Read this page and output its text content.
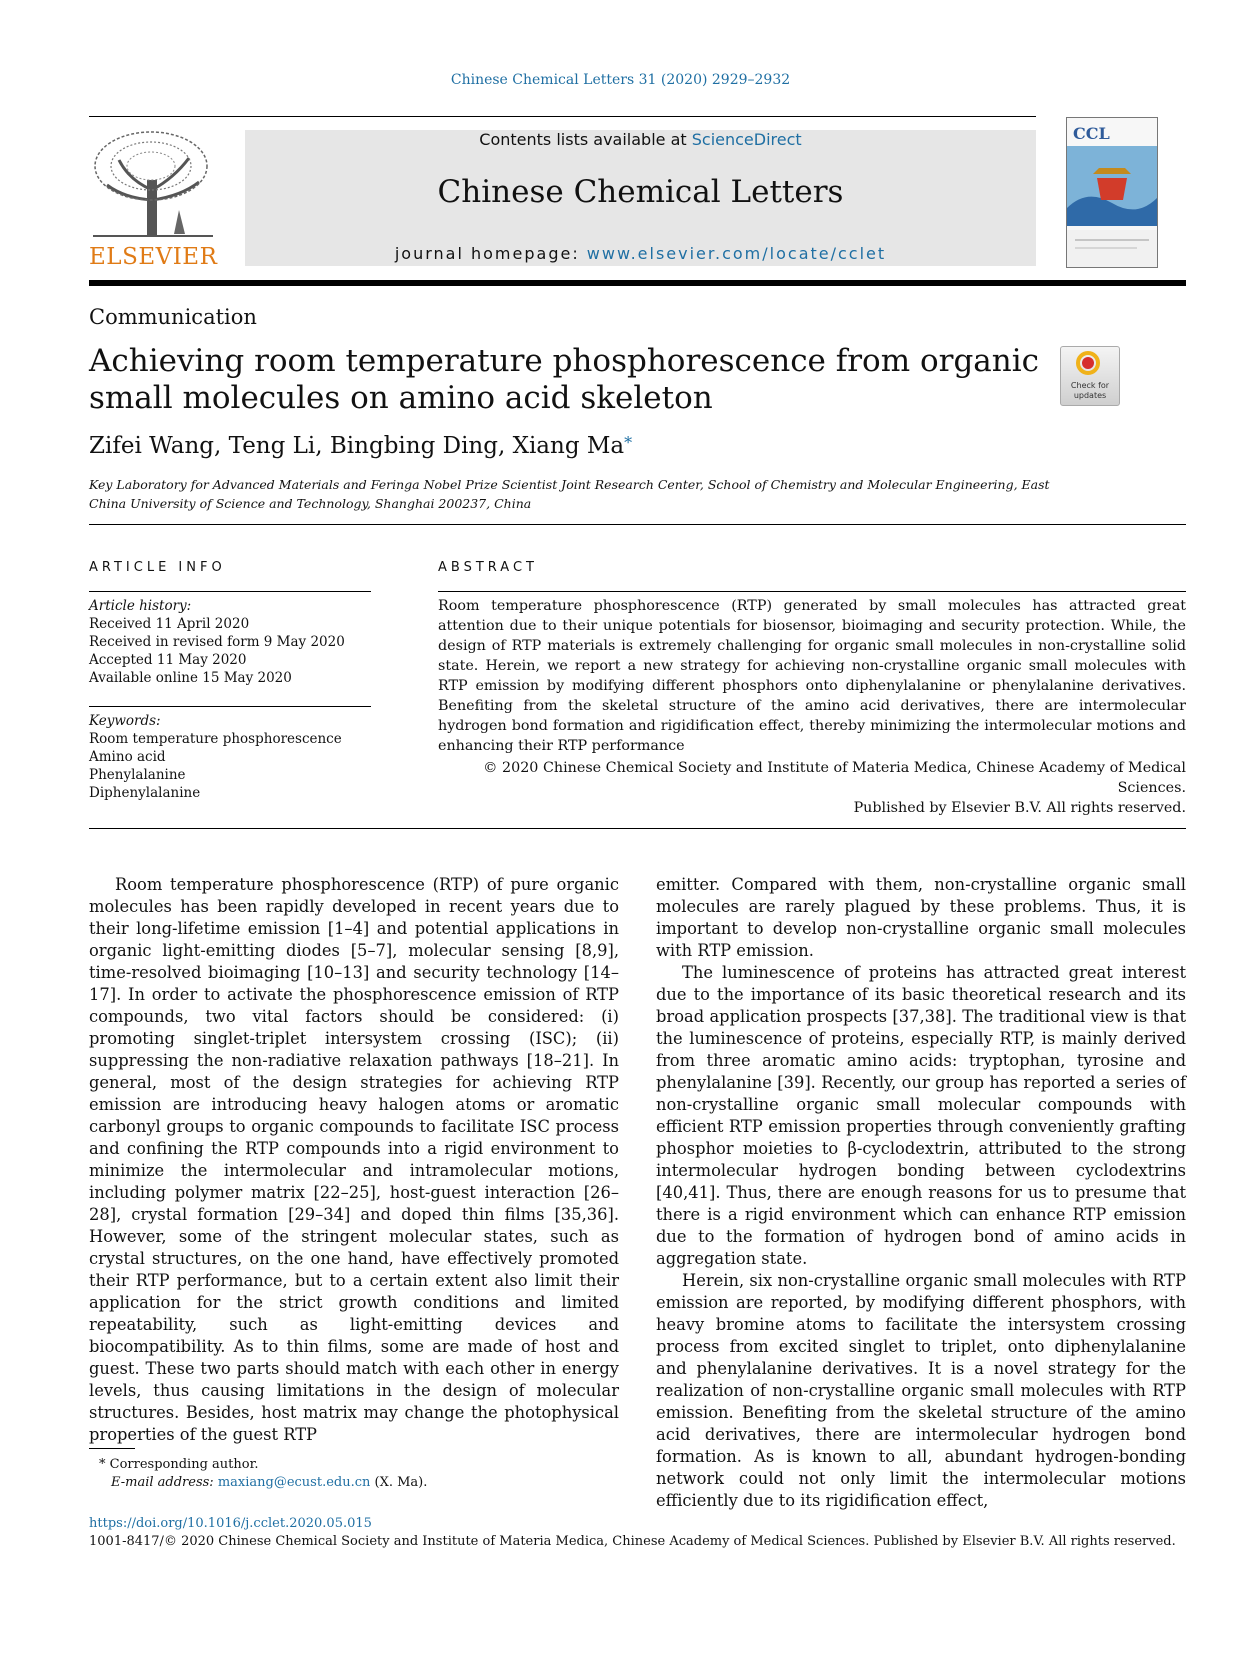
Chinese Chemical Letters 31 (2020) 2929–2932
ELSEVIER
Contents lists available at ScienceDirect
Chinese Chemical Letters
journal homepage: www.elsevier.com/locate/cclet
CCL
Communication
Achieving room temperature phosphorescence from organic small molecules on amino acid skeleton	Check for updates
Zifei Wang, Teng Li, Bingbing Ding, Xiang Ma*
Key Laboratory for Advanced Materials and Feringa Nobel Prize Scientist Joint Research Center, School of Chemistry and Molecular Engineering, East China University of Science and Technology, Shanghai 200237, China
ARTICLE INFO	ABSTRACT
Article history:
Received 11 April 2020
Received in revised form 9 May 2020
Accepted 11 May 2020
Available online 15 May 2020
Keywords:
Room temperature phosphorescence
Amino acid
Phenylalanine
Diphenylalanine
Room temperature phosphorescence (RTP) generated by small molecules has attracted great attention due to their unique potentials for biosensor, bioimaging and security protection. While, the design of RTP materials is extremely challenging for organic small molecules in non-crystalline solid state. Herein, we report a new strategy for achieving non-crystalline organic small molecules with RTP emission by modifying different phosphors onto diphenylalanine or phenylalanine derivatives. Benefiting from the skeletal structure of the amino acid derivatives, there are intermolecular hydrogen bond formation and rigidification effect, thereby minimizing the intermolecular motions and enhancing their RTP performance
© 2020 Chinese Chemical Society and Institute of Materia Medica, Chinese Academy of Medical Sciences.
Published by Elsevier B.V. All rights reserved.

Room temperature phosphorescence (RTP) of pure organic molecules has been rapidly developed in recent years due to their long-lifetime emission [1–4] and potential applications in organic light-emitting diodes [5–7], molecular sensing [8,9], time-resolved bioimaging [10–13] and security technology [14–17]. In order to activate the phosphorescence emission of RTP compounds, two vital factors should be considered: (i) promoting singlet-triplet intersystem crossing (ISC); (ii) suppressing the non-radiative relaxation pathways [18–21]. In general, most of the design strategies for achieving RTP emission are introducing heavy halogen atoms or aromatic carbonyl groups to organic compounds to facilitate ISC process and confining the RTP compounds into a rigid environment to minimize the intermolecular and intramolecular motions, including polymer matrix [22–25], host-guest interaction [26–28], crystal formation [29–34] and doped thin films [35,36]. However, some of the stringent molecular states, such as crystal structures, on the one hand, have effectively promoted their RTP performance, but to a certain extent also limit their application for the strict growth conditions and limited repeatability, such as light-emitting devices and biocompatibility. As to thin films, some are made of host and guest. These two parts should match with each other in energy levels, thus causing limitations in the design of molecular structures. Besides, host matrix may change the photophysical properties of the guest RTP

emitter. Compared with them, non-crystalline organic small molecules are rarely plagued by these problems. Thus, it is important to develop non-crystalline organic small molecules with RTP emission.

The luminescence of proteins has attracted great interest due to the importance of its basic theoretical research and its broad application prospects [37,38]. The traditional view is that the luminescence of proteins, especially RTP, is mainly derived from three aromatic amino acids: tryptophan, tyrosine and phenylalanine [39]. Recently, our group has reported a series of non-crystalline organic small molecular compounds with efficient RTP emission properties through conveniently grafting phosphor moieties to β-cyclodextrin, attributed to the strong intermolecular hydrogen bonding between cyclodextrins [40,41]. Thus, there are enough reasons for us to presume that there is a rigid environment which can enhance RTP emission due to the formation of hydrogen bond of amino acids in aggregation state.

Herein, six non-crystalline organic small molecules with RTP emission are reported, by modifying different phosphors, with heavy bromine atoms to facilitate the intersystem crossing process from excited singlet to triplet, onto diphenylalanine and phenylalanine derivatives. It is a novel strategy for the realization of non-crystalline organic small molecules with RTP emission. Benefiting from the skeletal structure of the amino acid derivatives, there are intermolecular hydrogen bond formation. As is known to all, abundant hydrogen-bonding network could not only limit the intermolecular motions efficiently due to its rigidification effect,

* Corresponding author.
E-mail address: maxiang@ecust.edu.cn (X. Ma).
https://doi.org/10.1016/j.cclet.2020.05.015
1001-8417/© 2020 Chinese Chemical Society and Institute of Materia Medica, Chinese Academy of Medical Sciences. Published by Elsevier B.V. All rights reserved.
